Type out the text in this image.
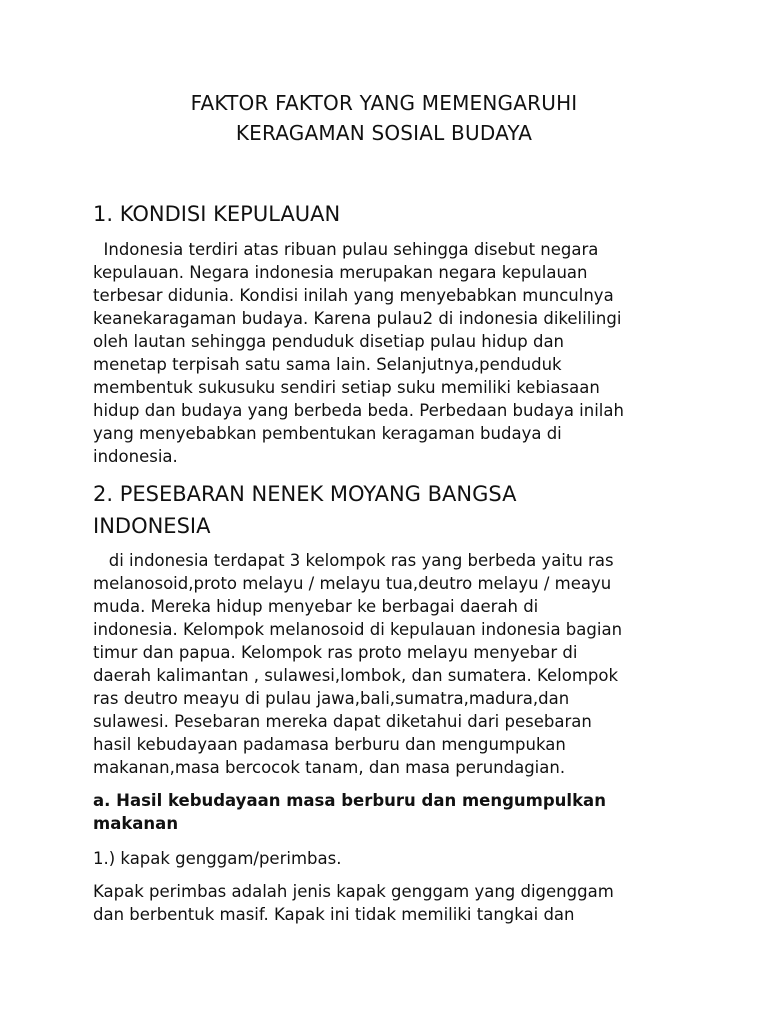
FAKTOR FAKTOR YANG MEMENGARUHI
KERAGAMAN SOSIAL BUDAYA
1. KONDISI KEPULAUAN
Indonesia terdiri atas ribuan pulau sehingga disebut negara
kepulauan. Negara indonesia merupakan negara kepulauan
terbesar didunia. Kondisi inilah yang menyebabkan munculnya
keanekaragaman budaya. Karena pulau2 di indonesia dikelilingi
oleh lautan sehingga penduduk disetiap pulau hidup dan
menetap terpisah satu sama lain. Selanjutnya,penduduk
membentuk sukusuku sendiri setiap suku memiliki kebiasaan
hidup dan budaya yang berbeda beda. Perbedaan budaya inilah
yang menyebabkan pembentukan keragaman budaya di
indonesia.
2. PESEBARAN NENEK MOYANG BANGSA
INDONESIA
di indonesia terdapat 3 kelompok ras yang berbeda yaitu ras
melanosoid,proto melayu / melayu tua,deutro melayu / meayu
muda. Mereka hidup menyebar ke berbagai daerah di
indonesia. Kelompok melanosoid di kepulauan indonesia bagian
timur dan papua. Kelompok ras proto melayu menyebar di
daerah kalimantan , sulawesi,lombok, dan sumatera. Kelompok
ras deutro meayu di pulau jawa,bali,sumatra,madura,dan
sulawesi. Pesebaran mereka dapat diketahui dari pesebaran
hasil kebudayaan padamasa berburu dan mengumpukan
makanan,masa bercocok tanam, dan masa perundagian.
a. Hasil kebudayaan masa berburu dan mengumpulkan
makanan
1.) kapak genggam/perimbas.
Kapak perimbas adalah jenis kapak genggam yang digenggam
dan berbentuk masif. Kapak ini tidak memiliki tangkai dan
